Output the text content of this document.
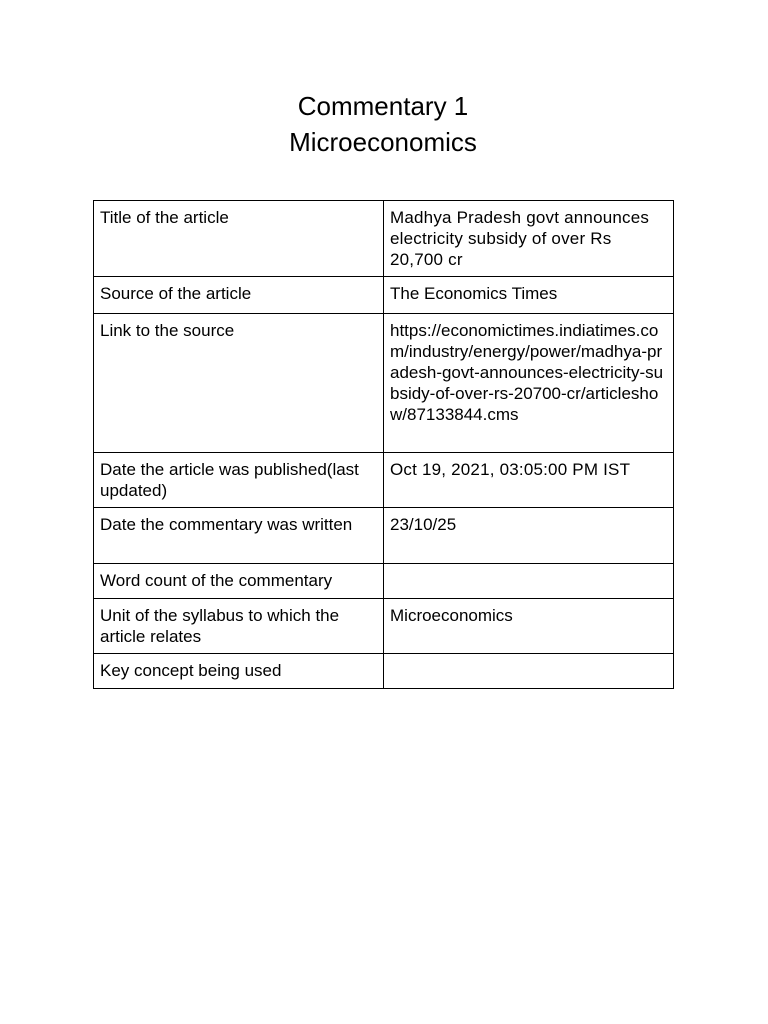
Commentary 1
Microeconomics
Title of the article	Madhya Pradesh govt announces electricity subsidy of over Rs 20,700 cr
Source of the article	The Economics Times
Link to the source	https://economictimes.indiatimes.com/industry/energy/power/madhya-pradesh-govt-announces-electricity-subsidy-of-over-rs-20700-cr/articleshow/87133844.cms
Date the article was published(last updated)	Oct 19, 2021, 03:05:00 PM IST
Date the commentary was written	23/10/25
Word count of the commentary	
Unit of the syllabus to which the article relates	Microeconomics
Key concept being used	
